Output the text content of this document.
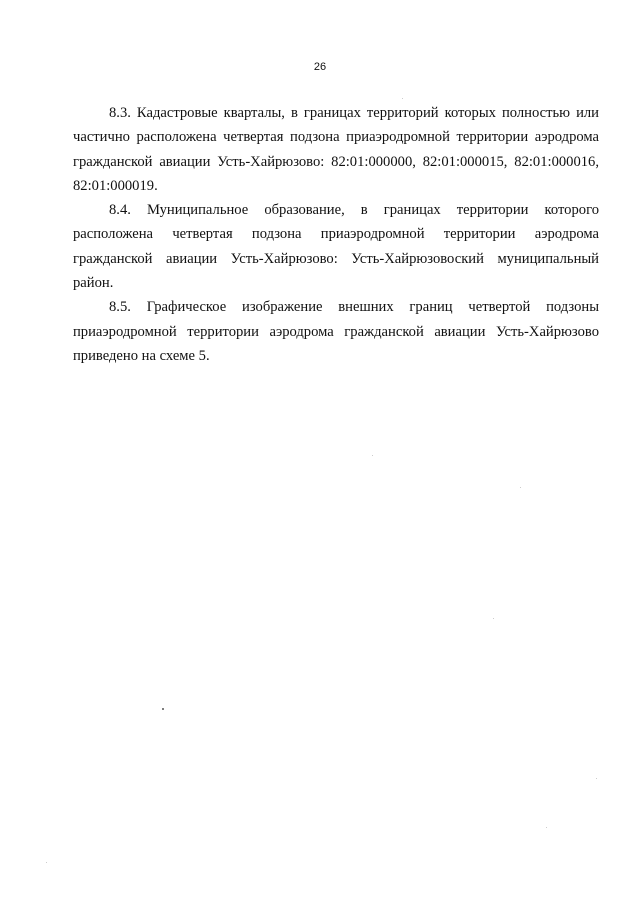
26

8.3. Кадастровые кварталы, в границах территорий которых полностью или частично расположена четвертая подзона приаэродромной территории аэродрома гражданской авиации Усть-Хайрюзово: 82:01:000000, 82:01:000015, 82:01:000016, 82:01:000019.

8.4. Муниципальное образование, в границах территории которого расположена четвертая подзона приаэродромной территории аэродрома гражданской авиации Усть-Хайрюзово: Усть-Хайрюзовоский муниципальный район.

8.5. Графическое изображение внешних границ четвертой подзоны приаэродромной территории аэродрома гражданской авиации Усть-Хайрюзово приведено на схеме 5.
